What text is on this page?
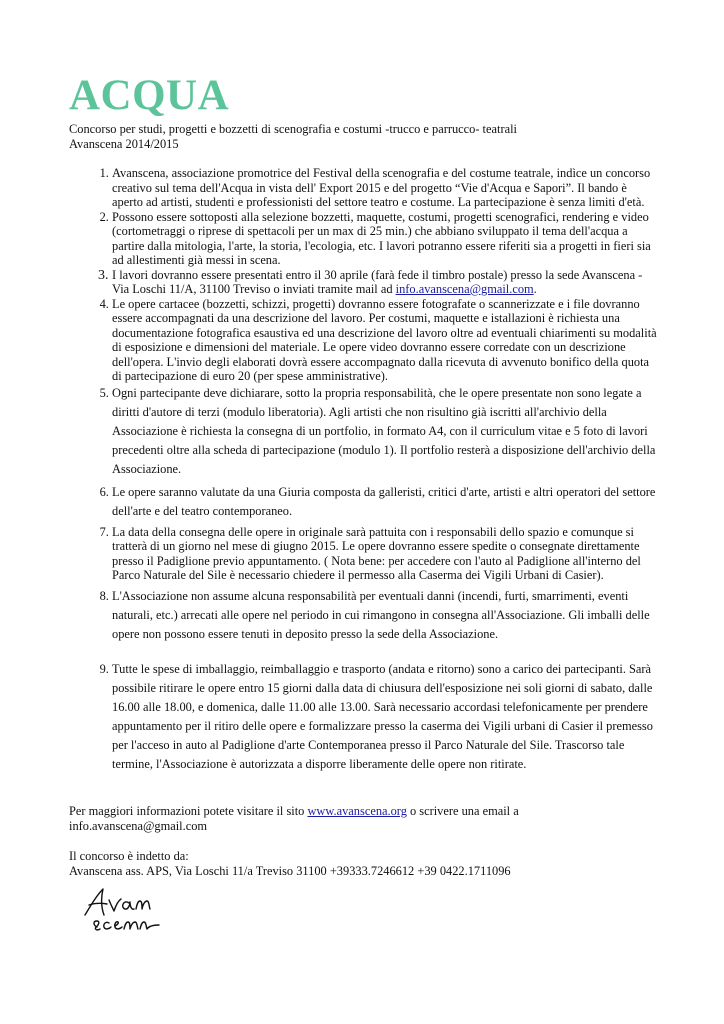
ACQUA
Concorso per studi, progetti e bozzetti di scenografia e costumi -trucco e parrucco- teatrali
Avanscena 2014/2015
1. Avanscena, associazione promotrice del Festival della scenografia e del costume teatrale, indìce un concorso creativo sul tema dell'Acqua in vista dell' Export 2015 e del progetto “Vie d'Acqua e Sapori”. Il bando è aperto ad artisti, studenti e professionisti del settore teatro e costume. La partecipazione è senza limiti d'età.
2. Possono essere sottoposti alla selezione bozzetti, maquette, costumi, progetti scenografici, rendering e video (cortometraggi o riprese di spettacoli per un max di 25 min.) che abbiano sviluppato il tema dell'acqua a partire dalla mitologia, l'arte, la storia, l'ecologia, etc. I lavori potranno essere riferiti sia a progetti in fieri sia ad allestimenti già messi in scena.
3. I lavori dovranno essere presentati entro il 30 aprile (farà fede il timbro postale) presso la sede Avanscena - Via Loschi 11/A, 31100 Treviso o inviati tramite mail ad info.avanscena@gmail.com.
4. Le opere cartacee (bozzetti, schizzi, progetti) dovranno essere fotografate o scannerizzate e i file dovranno essere accompagnati da una descrizione del lavoro. Per costumi, maquette e istallazioni è richiesta una documentazione fotografica esaustiva ed una descrizione del lavoro oltre ad eventuali chiarimenti su modalità di esposizione e dimensioni del materiale. Le opere video dovranno essere corredate con un descrizione dell'opera. L'invio degli elaborati dovrà essere accompagnato dalla ricevuta di avvenuto bonifico della quota di partecipazione di euro 20 (per spese amministrative).
5. Ogni partecipante deve dichiarare, sotto la propria responsabilità, che le opere presentate non sono legate a diritti d'autore di terzi (modulo liberatoria). Agli artisti che non risultino già iscritti all'archivio della Associazione è richiesta la consegna di un portfolio, in formato A4, con il curriculum vitae e 5 foto di lavori precedenti oltre alla scheda di partecipazione (modulo 1). Il portfolio resterà a disposizione dell'archivio della Associazione.
6. Le opere saranno valutate da una Giuria composta da galleristi, critici d'arte, artisti e altri operatori del settore dell'arte e del teatro contemporaneo.
7. La data della consegna delle opere in originale sarà pattuita con i responsabili dello spazio e comunque si tratterà di un giorno nel mese di giugno 2015. Le opere dovranno essere spedite o consegnate direttamente presso il Padiglione previo appuntamento. ( Nota bene: per accedere con l'auto al Padiglione all'interno del Parco Naturale del Sile è necessario chiedere il permesso alla Caserma dei Vigili Urbani di Casier).
8. L'Associazione non assume alcuna responsabilità per eventuali danni (incendi, furti, smarrimenti, eventi naturali, etc.) arrecati alle opere nel periodo in cui rimangono in consegna all'Associazione. Gli imballi delle opere non possono essere tenuti in deposito presso la sede della Associazione.
9. Tutte le spese di imballaggio, reimballaggio e trasporto (andata e ritorno) sono a carico dei partecipanti. Sarà possibile ritirare le opere entro 15 giorni dalla data di chiusura dell'esposizione nei soli giorni di sabato, dalle 16.00 alle 18.00, e domenica, dalle 11.00 alle 13.00. Sarà necessario accordasi telefonicamente per prendere appuntamento per il ritiro delle opere e formalizzare presso la caserma dei Vigili urbani di Casier il premesso per l'acceso in auto al Padiglione d'arte Contemporanea presso il Parco Naturale del Sile. Trascorso tale termine, l'Associazione è autorizzata a disporre liberamente delle opere non ritirate.
Per maggiori informazioni potete visitare il sito www.avanscena.org o scrivere una email a info.avanscena@gmail.com
Il concorso è indetto da:
Avanscena ass. APS, Via Loschi 11/a Treviso 31100 +39333.7246612 +39 0422.1711096
